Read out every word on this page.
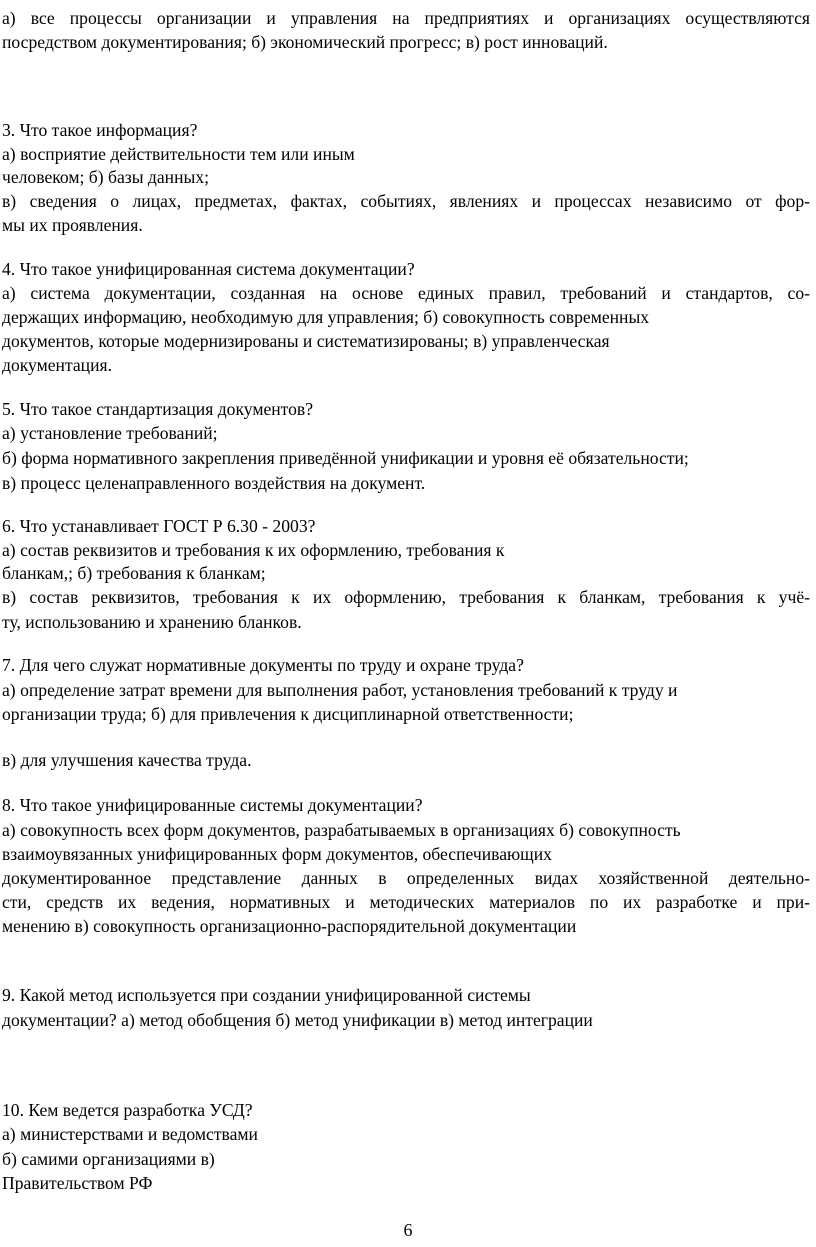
а) все процессы организации и управления на предприятиях и организациях осуществляются
посредством документирования; б) экономический прогресс; в) рост инноваций.
3. Что такое информация?
а) восприятие действительности тем или иным
человеком; б) базы данных;
в) сведения о лицах, предметах, фактах, событиях, явлениях и процессах независимо от фор-
мы их проявления.
4. Что такое унифицированная система документации?
а) система документации, созданная на основе единых правил, требований и стандартов, со-
держащих информацию, необходимую для управления; б) совокупность современных
документов, которые модернизированы и систематизированы; в) управленческая
документация.
5. Что такое стандартизация документов?
а) установление требований;
б) форма нормативного закрепления приведённой унификации и уровня её обязательности;
в) процесс целенаправленного воздействия на документ.
6. Что устанавливает ГОСТ Р 6.30 - 2003?
а) состав реквизитов и требования к их оформлению, требования к
бланкам,; б) требования к бланкам;
в) состав реквизитов, требования к их оформлению, требования к бланкам, требования к учё-
ту, использованию и хранению бланков.
7. Для чего служат нормативные документы по труду и охране труда?
а) определение затрат времени для выполнения работ, установления требований к труду и
организации труда; б) для привлечения к дисциплинарной ответственности;
в) для улучшения качества труда.
8. Что такое унифицированные системы документации?
а) совокупность всех форм документов, разрабатываемых в организациях б) совокупность
взаимоувязанных унифицированных форм документов, обеспечивающих
документированное представление данных в определенных видах хозяйственной деятельно-
сти, средств их ведения, нормативных и методических материалов по их разработке и при-
менению в) совокупность организационно-распорядительной документации
9. Какой метод используется при создании унифицированной системы
документации? а) метод обобщения б) метод унификации в) метод интеграции
10. Кем ведется разработка УСД?
а) министерствами и ведомствами
б) самими организациями в)
Правительством РФ
6
